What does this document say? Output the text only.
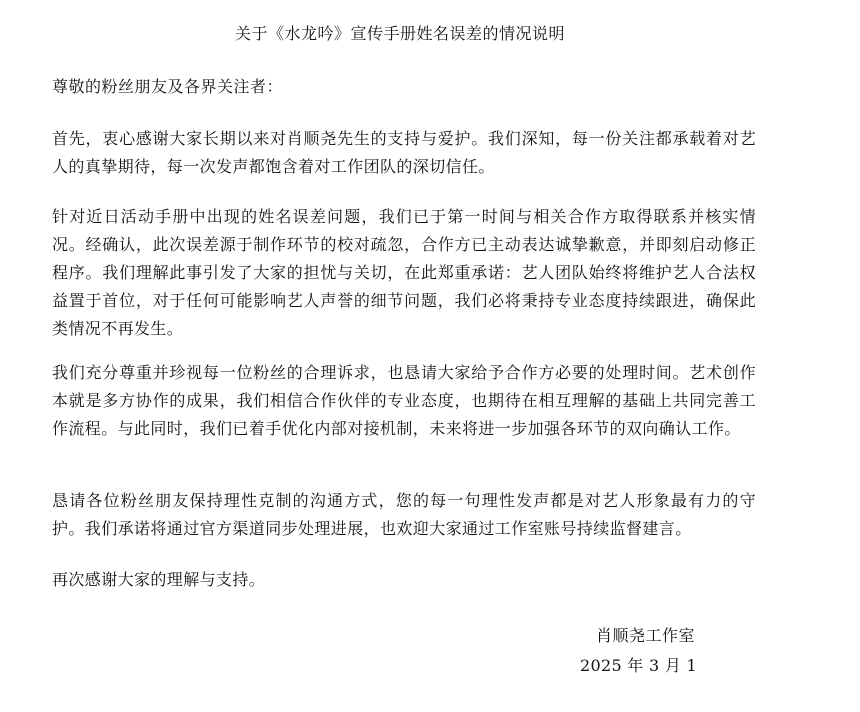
关于《水龙吟》宣传手册姓名误差的情况说明
尊敬的粉丝朋友及各界关注者：

首先，衷心感谢大家长期以来对肖顺尧先生的支持与爱护。我们深知，每一份关注都承载着对艺人的真挚期待，每一次发声都饱含着对工作团队的深切信任。

针对近日活动手册中出现的姓名误差问题，我们已于第一时间与相关合作方取得联系并核实情况。经确认，此次误差源于制作环节的校对疏忽，合作方已主动表达诚挚歉意，并即刻启动修正程序。我们理解此事引发了大家的担忧与关切，在此郑重承诺：艺人团队始终将维护艺人合法权益置于首位，对于任何可能影响艺人声誉的细节问题，我们必将秉持专业态度持续跟进，确保此类情况不再发生。

我们充分尊重并珍视每一位粉丝的合理诉求，也恳请大家给予合作方必要的处理时间。艺术创作本就是多方协作的成果，我们相信合作伙伴的专业态度，也期待在相互理解的基础上共同完善工作流程。与此同时，我们已着手优化内部对接机制，未来将进一步加强各环节的双向确认工作。

恳请各位粉丝朋友保持理性克制的沟通方式，您的每一句理性发声都是对艺人形象最有力的守护。我们承诺将通过官方渠道同步处理进展，也欢迎大家通过工作室账号持续监督建言。

再次感谢大家的理解与支持。

肖顺尧工作室
2025 年 3 月 1
